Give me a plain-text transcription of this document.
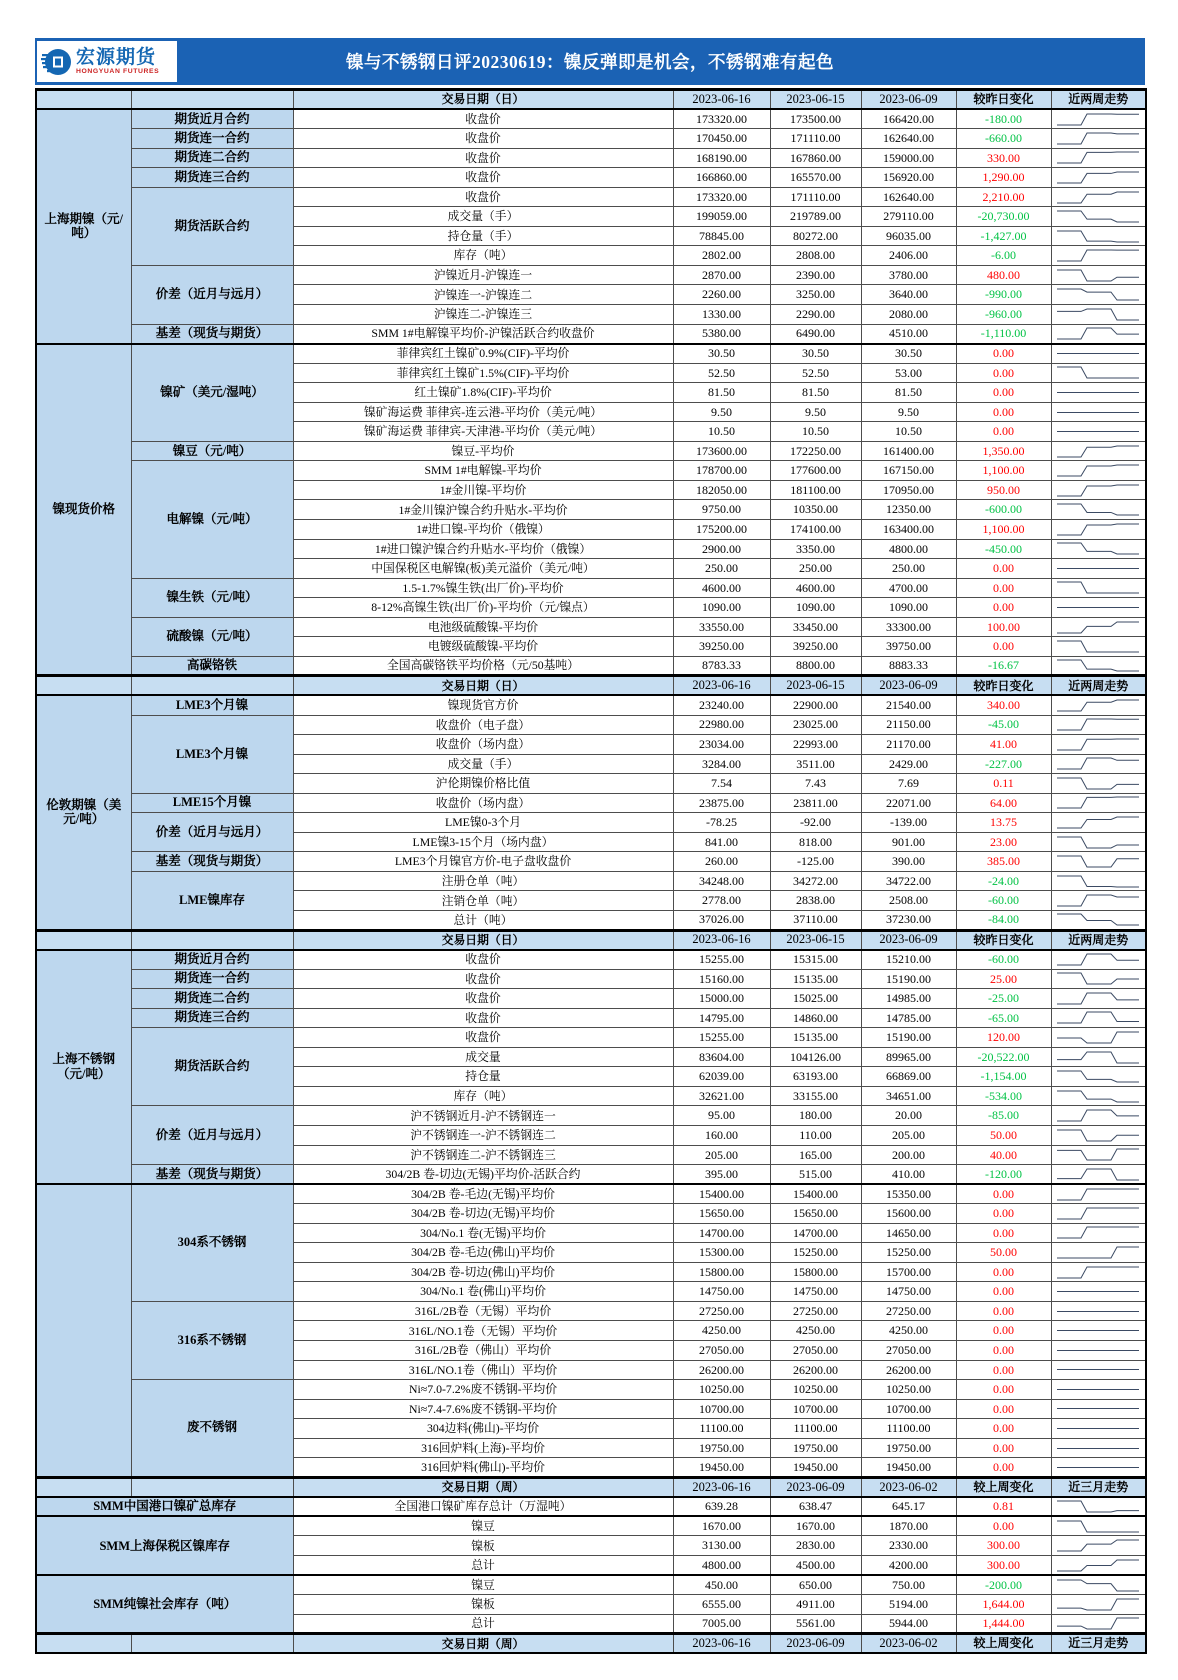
镍与不锈钢日评20230619：镍反弹即是机会，不锈钢难有起色
宏源期货
HONGYUAN FUTURES
		交易日期（日）	2023-06-16	2023-06-15	2023-06-09	较昨日变化	近两周走势
上海期镍（元/吨）	期货近月合约	收盘价	173320.00	173500.00	166420.00	-180.00	

	期货连一合约	收盘价	170450.00	171110.00	162640.00	-660.00	

	期货连二合约	收盘价	168190.00	167860.00	159000.00	330.00	

	期货连三合约	收盘价	166860.00	165570.00	156920.00	1,290.00	

	期货活跃合约	收盘价	173320.00	171110.00	162640.00	2,210.00	

		成交量（手）	199059.00	219789.00	279110.00	-20,730.00	

		持仓量（手）	78845.00	80272.00	96035.00	-1,427.00	

		库存（吨）	2802.00	2808.00	2406.00	-6.00	

	价差（近月与远月）	沪镍近月-沪镍连一	2870.00	2390.00	3780.00	480.00	

		沪镍连一-沪镍连二	2260.00	3250.00	3640.00	-990.00	

		沪镍连二-沪镍连三	1330.00	2290.00	2080.00	-960.00	

	基差（现货与期货）	SMM 1#电解镍平均价-沪镍活跃合约收盘价	5380.00	6490.00	4510.00	-1,110.00	

镍现货价格	镍矿（美元/湿吨）	菲律宾红土镍矿0.9%(CIF)-平均价	30.50	30.50	30.50	0.00	

		菲律宾红土镍矿1.5%(CIF)-平均价	52.50	52.50	53.00	0.00	

		红土镍矿1.8%(CIF)-平均价	81.50	81.50	81.50	0.00	

		镍矿海运费 菲律宾-连云港-平均价（美元/吨）	9.50	9.50	9.50	0.00	

		镍矿海运费 菲律宾-天津港-平均价（美元/吨）	10.50	10.50	10.50	0.00	

	镍豆（元/吨）	镍豆-平均价	173600.00	172250.00	161400.00	1,350.00	

	电解镍（元/吨）	SMM 1#电解镍-平均价	178700.00	177600.00	167150.00	1,100.00	

		1#金川镍-平均价	182050.00	181100.00	170950.00	950.00	

		1#金川镍沪镍合约升贴水-平均价	9750.00	10350.00	12350.00	-600.00	

		1#进口镍-平均价（俄镍）	175200.00	174100.00	163400.00	1,100.00	

		1#进口镍沪镍合约升贴水-平均价（俄镍）	2900.00	3350.00	4800.00	-450.00	

		中国保税区电解镍(板)美元溢价（美元/吨）	250.00	250.00	250.00	0.00	

	镍生铁（元/吨）	1.5-1.7%镍生铁(出厂价)-平均价	4600.00	4600.00	4700.00	0.00	

		8-12%高镍生铁(出厂价)-平均价（元/镍点）	1090.00	1090.00	1090.00	0.00	

	硫酸镍（元/吨）	电池级硫酸镍-平均价	33550.00	33450.00	33300.00	100.00	

		电镀级硫酸镍-平均价	39250.00	39250.00	39750.00	0.00	

	高碳铬铁	全国高碳铬铁平均价格（元/50基吨）	8783.33	8800.00	8883.33	-16.67	

		交易日期（日）	2023-06-16	2023-06-15	2023-06-09	较昨日变化	近两周走势
伦敦期镍（美元/吨）	LME3个月镍	镍现货官方价	23240.00	22900.00	21540.00	340.00	

	LME3个月镍	收盘价（电子盘）	22980.00	23025.00	21150.00	-45.00	

		收盘价（场内盘）	23034.00	22993.00	21170.00	41.00	

		成交量（手）	3284.00	3511.00	2429.00	-227.00	

		沪伦期镍价格比值	7.54	7.43	7.69	0.11	

	LME15个月镍	收盘价（场内盘）	23875.00	23811.00	22071.00	64.00	

	价差（近月与远月）	LME镍0-3个月	-78.25	-92.00	-139.00	13.75	

		LME镍3-15个月（场内盘）	841.00	818.00	901.00	23.00	

	基差（现货与期货）	LME3个月镍官方价-电子盘收盘价	260.00	-125.00	390.00	385.00	

	LME镍库存	注册仓单（吨）	34248.00	34272.00	34722.00	-24.00	

		注销仓单（吨）	2778.00	2838.00	2508.00	-60.00	

		总计（吨）	37026.00	37110.00	37230.00	-84.00	

		交易日期（日）	2023-06-16	2023-06-15	2023-06-09	较昨日变化	近两周走势
上海不锈钢（元/吨）	期货近月合约	收盘价	15255.00	15315.00	15210.00	-60.00	

	期货连一合约	收盘价	15160.00	15135.00	15190.00	25.00	

	期货连二合约	收盘价	15000.00	15025.00	14985.00	-25.00	

	期货连三合约	收盘价	14795.00	14860.00	14785.00	-65.00	

	期货活跃合约	收盘价	15255.00	15135.00	15190.00	120.00	

		成交量	83604.00	104126.00	89965.00	-20,522.00	

		持仓量	62039.00	63193.00	66869.00	-1,154.00	

		库存（吨）	32621.00	33155.00	34651.00	-534.00	

	价差（近月与远月）	沪不锈钢近月-沪不锈钢连一	95.00	180.00	20.00	-85.00	

		沪不锈钢连一-沪不锈钢连二	160.00	110.00	205.00	50.00	

		沪不锈钢连二-沪不锈钢连三	205.00	165.00	200.00	40.00	

	基差（现货与期货）	304/2B 卷-切边(无锡)平均价-活跃合约	395.00	515.00	410.00	-120.00	

	304系不锈钢	304/2B 卷-毛边(无锡)平均价	15400.00	15400.00	15350.00	0.00	

		304/2B 卷-切边(无锡)平均价	15650.00	15650.00	15600.00	0.00	

		304/No.1 卷(无锡)平均价	14700.00	14700.00	14650.00	0.00	

		304/2B 卷-毛边(佛山)平均价	15300.00	15250.00	15250.00	50.00	

		304/2B 卷-切边(佛山)平均价	15800.00	15800.00	15700.00	0.00	

		304/No.1 卷(佛山)平均价	14750.00	14750.00	14750.00	0.00	

	316系不锈钢	316L/2B卷（无锡）平均价	27250.00	27250.00	27250.00	0.00	

		316L/NO.1卷（无锡）平均价	4250.00	4250.00	4250.00	0.00	

		316L/2B卷（佛山）平均价	27050.00	27050.00	27050.00	0.00	

		316L/NO.1卷（佛山）平均价	26200.00	26200.00	26200.00	0.00	

	废不锈钢	Ni≈7.0-7.2%废不锈钢-平均价	10250.00	10250.00	10250.00	0.00	

		Ni≈7.4-7.6%废不锈钢-平均价	10700.00	10700.00	10700.00	0.00	

		304边料(佛山)-平均价	11100.00	11100.00	11100.00	0.00	

		316回炉料(上海)-平均价	19750.00	19750.00	19750.00	0.00	

		316回炉料(佛山)-平均价	19450.00	19450.00	19450.00	0.00	

		交易日期（周）	2023-06-16	2023-06-09	2023-06-02	较上周变化	近三月走势
SMM中国港口镍矿总库存		全国港口镍矿库存总计（万湿吨）	639.28	638.47	645.17	0.81	

SMM上海保税区镍库存		镍豆	1670.00	1670.00	1870.00	0.00	

		镍板	3130.00	2830.00	2330.00	300.00	

		总计	4800.00	4500.00	4200.00	300.00	

SMM纯镍社会库存（吨）		镍豆	450.00	650.00	750.00	-200.00	

		镍板	6555.00	4911.00	5194.00	1,644.00	

		总计	7005.00	5561.00	5944.00	1,444.00	

		交易日期（周）	2023-06-16	2023-06-09	2023-06-02	较上周变化	近三月走势
